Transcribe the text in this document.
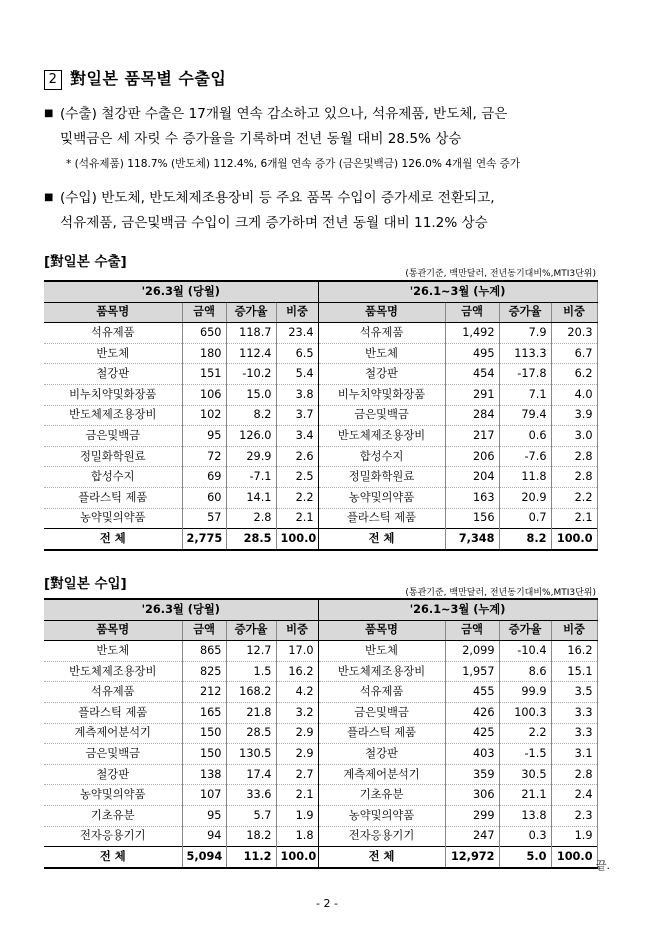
2 對일본 품목별 수출입
■ (수출) 철강판 수출은 17개월 연속 감소하고 있으나, 석유제품, 반도체, 금은
및백금은 세 자릿 수 증가율을 기록하며 전년 동월 대비 28.5% 상승
* (석유제품) 118.7% (반도체) 112.4%, 6개월 연속 증가 (금은및백금) 126.0% 4개월 연속 증가
■ (수입) 반도체, 반도체제조용장비 등 주요 품목 수입이 증가세로 전환되고,
석유제품, 금은및백금 수입이 크게 증가하며 전년 동월 대비 11.2% 상승
[對일본 수출]
(통관기준, 백만달러, 전년동기대비%,MTI3단위)
'26.3월 (당월)				'26.1~3월 (누계)			
품목명	금액	증가율	비중	품목명	금액	증가율	비중
석유제품	650	118.7	23.4	석유제품	1,492	7.9	20.3
반도체	180	112.4	6.5	반도체	495	113.3	6.7
철강판	151	-10.2	5.4	철강판	454	-17.8	6.2
비누치약및화장품	106	15.0	3.8	비누치약및화장품	291	7.1	4.0
반도체제조용장비	102	8.2	3.7	금은및백금	284	79.4	3.9
금은및백금	95	126.0	3.4	반도체제조용장비	217	0.6	3.0
정밀화학원료	72	29.9	2.6	합성수지	206	-7.6	2.8
합성수지	69	-7.1	2.5	정밀화학원료	204	11.8	2.8
플라스틱 제품	60	14.1	2.2	농약및의약품	163	20.9	2.2
농약및의약품	57	2.8	2.1	플라스틱 제품	156	0.7	2.1
전 체	2,775	28.5	100.0	전 체	7,348	8.2	100.0
[對일본 수입]
(통관기준, 백만달러, 전년동기대비%,MTI3단위)
'26.3월 (당월)				'26.1~3월 (누계)			
품목명	금액	증가율	비중	품목명	금액	증가율	비중
반도체	865	12.7	17.0	반도체	2,099	-10.4	16.2
반도체제조용장비	825	1.5	16.2	반도체제조용장비	1,957	8.6	15.1
석유제품	212	168.2	4.2	석유제품	455	99.9	3.5
플라스틱 제품	165	21.8	3.2	금은및백금	426	100.3	3.3
계측제어분석기	150	28.5	2.9	플라스틱 제품	425	2.2	3.3
금은및백금	150	130.5	2.9	철강판	403	-1.5	3.1
철강판	138	17.4	2.7	계측제어분석기	359	30.5	2.8
농약및의약품	107	33.6	2.1	기초유분	306	21.1	2.4
기초유분	95	5.7	1.9	농약및의약품	299	13.8	2.3
전자응용기기	94	18.2	1.8	전자응용기기	247	0.3	1.9
전 체	5,094	11.2	100.0	전 체	12,972	5.0	100.0
. 끝.
- 2 -
